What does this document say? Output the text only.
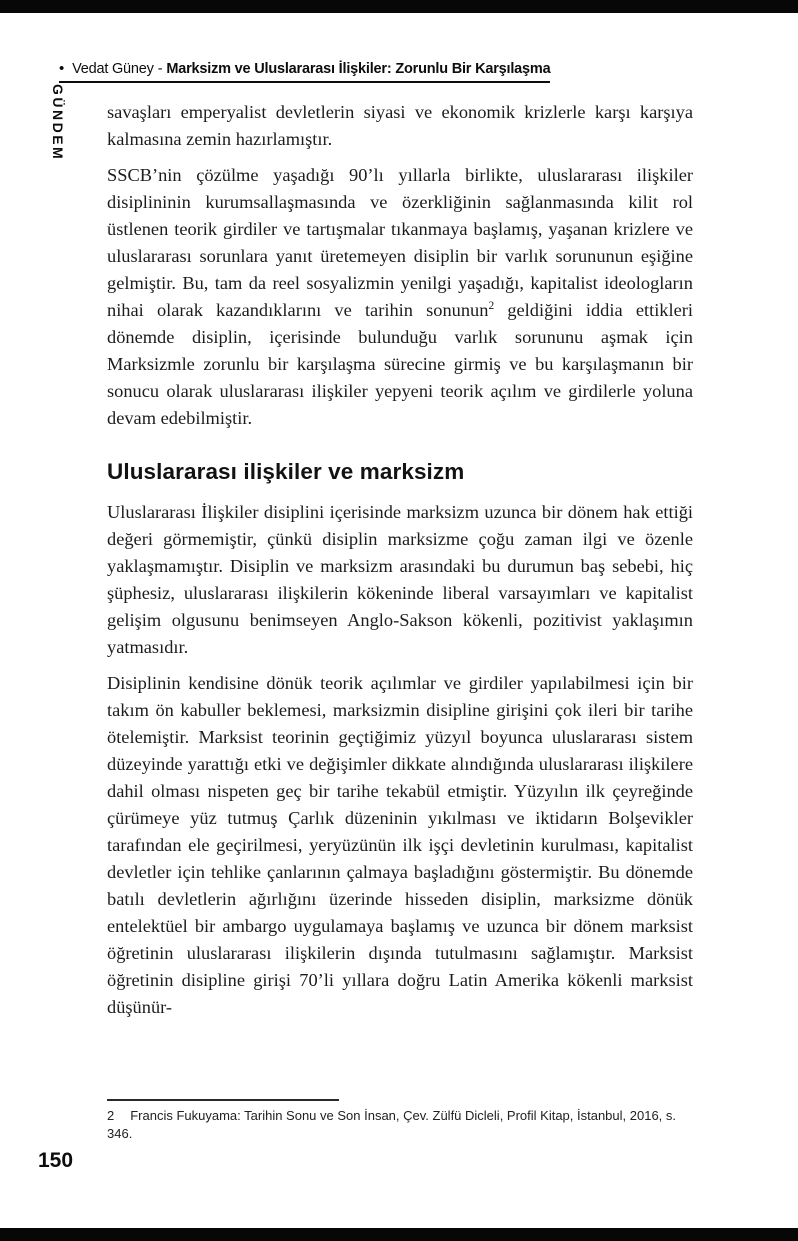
• Vedat Güney - Marksizm ve Uluslararası İlişkiler: Zorunlu Bir Karşılaşma
GÜNDEM savaşları emperyalist devletlerin siyasi ve ekonomik krizlerle karşı karşıya kalmasına zemin hazırlamıştır.

SSCB’nin çözülme yaşadığı 90’lı yıllarla birlikte, uluslararası ilişkiler disiplininin kurumsallaşmasında ve özerkliğinin sağlanmasında kilit rol üstlenen teorik girdiler ve tartışmalar tıkanmaya başlamış, yaşanan krizlere ve uluslararası sorunlara yanıt üretemeyen disiplin bir varlık sorununun eşiğine gelmiştir. Bu, tam da reel sosyalizmin yenilgi yaşadığı, kapitalist ideologların nihai olarak kazandıklarını ve tarihin sonunun$^2$ geldiğini iddia ettikleri dönemde disiplin, içerisinde bulunduğu varlık sorununu aşmak için Marksizmle zorunlu bir karşılaşma sürecine girmiş ve bu karşılaşmanın bir sonucu olarak uluslararası ilişkiler yepyeni teorik açılım ve girdilerle yoluna devam edebilmiştir.

Uluslararası ilişkiler ve marksizm

Uluslararası İlişkiler disiplini içerisinde marksizm uzunca bir dönem hak ettiği değeri görmemiştir, çünkü disiplin marksizme çoğu zaman ilgi ve özenle yaklaşmamıştır. Disiplin ve marksizm arasındaki bu durumun baş sebebi, hiç şüphesiz, uluslararası ilişkilerin kökeninde liberal varsayımları ve kapitalist gelişim olgusunu benimseyen Anglo-Sakson kökenli, pozitivist yaklaşımın yatmasıdır.

Disiplinin kendisine dönük teorik açılımlar ve girdiler yapılabilmesi için bir takım ön kabuller beklemesi, marksizmin disipline girişini çok ileri bir tarihe ötelemiştir. Marksist teorinin geçtiğimiz yüzyıl boyunca uluslararası sistem düzeyinde yarattığı etki ve değişimler dikkate alındığında uluslararası ilişkilere dahil olması nispeten geç bir tarihe tekabül etmiştir. Yüzyılın ilk çeyreğinde çürümeye yüz tutmuş Çarlık düzeninin yıkılması ve iktidarın Bolşevikler tarafından ele geçirilmesi, yeryüzünün ilk işçi devletinin kurulması, kapitalist devletler için tehlike çanlarının çalmaya başladığını göstermiştir. Bu dönemde batılı devletlerin ağırlığını üzerinde hisseden disiplin, marksizme dönük entelektüel bir ambargo uygulamaya başlamış ve uzunca bir dönem marksist öğretinin uluslararası ilişkilerin dışında tutulmasını sağlamıştır. Marksist öğretinin disipline girişi 70’li yıllara doğru Latin Amerika kökenli marksist düşünür-

2 Francis Fukuyama: Tarihin Sonu ve Son İnsan, Çev. Zülfü Dicleli, Profil Kitap, İstanbul, 2016, s. 346.
150
